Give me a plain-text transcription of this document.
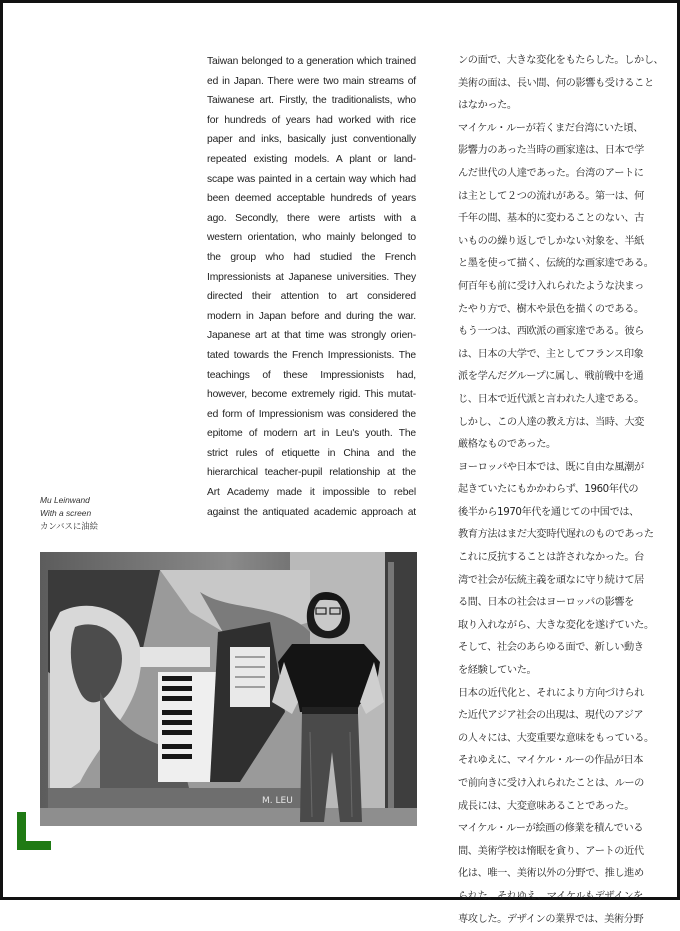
Taiwan belonged to a generation which trained
ed in Japan. There were two main streams of
Taiwanese art. Firstly, the traditionalists, who
for hundreds of years had worked with rice
paper and inks, basically just conventionally
repeated existing models. A plant or land-
scape was painted in a certain way which had
been deemed acceptable hundreds of years
ago. Secondly, there were artists with a
western orientation, who mainly belonged to
the group who had studied the French
Impressionists at Japanese universities. They
directed their attention to art considered
modern in Japan before and during the war.
Japanese art at that time was strongly orien-
tated towards the French Impressionists. The
teachings of these Impressionists had,
however, become extremely rigid. This mutat-
ed form of Impressionism was considered the
epitome of modern art in Leu's youth. The
strict rules of etiquette in China and the
hierarchical teacher-pupil relationship at the
Art Academy made it impossible to rebel
against the antiquated academic approach at
Mu Leinwand
With a screen
カンバスに油絵
M. LEU
ンの面で、大きな変化をもたらした。しかし、
美術の面は、長い間、何の影響も受けること
はなかった。
マイケル・ルーが若くまだ台湾にいた頃、
影響力のあった当時の画家達は、日本で学
んだ世代の人達であった。台湾のアートに
は主として２つの流れがある。第一は、何
千年の間、基本的に変わることのない、古
いものの繰り返しでしかない対象を、半紙
と墨を使って描く、伝統的な画家達である。
何百年も前に受け入れられたような決まっ
たやり方で、樹木や景色を描くのである。
もう一つは、西欧派の画家達である。彼ら
は、日本の大学で、主としてフランス印象
派を学んだグループに属し、戦前戦中を通
じ、日本で近代派と言われた人達である。
しかし、この人達の教え方は、当時、大変
厳格なものであった。
ヨーロッパや日本では、既に自由な風潮が
起きていたにもかかわらず、1960年代の
後半から1970年代を通じての中国では、
教育方法はまだ大変時代遅れのものであった
これに反抗することは許されなかった。台
湾で社会が伝統主義を頑なに守り続けて居
る間、日本の社会はヨーロッパの影響を
取り入れながら、大きな変化を遂げていた。
そして、社会のあらゆる面で、新しい動き
を経験していた。
日本の近代化と、それにより方向づけられ
た近代アジア社会の出現は、現代のアジア
の人々には、大変重要な意味をもっている。
それゆえに、マイケル・ルーの作品が日本
で前向きに受け入れられたことは、ルーの
成長には、大変意味あることであった。
マイケル・ルーが絵画の修業を積んでいる
間、美術学校は惰眠を貪り、アートの近代
化は、唯一、美術以外の分野で、推し進め
られた。それゆえ、マイケルもデザインを
専攻した。デザインの業界では、美術分野
